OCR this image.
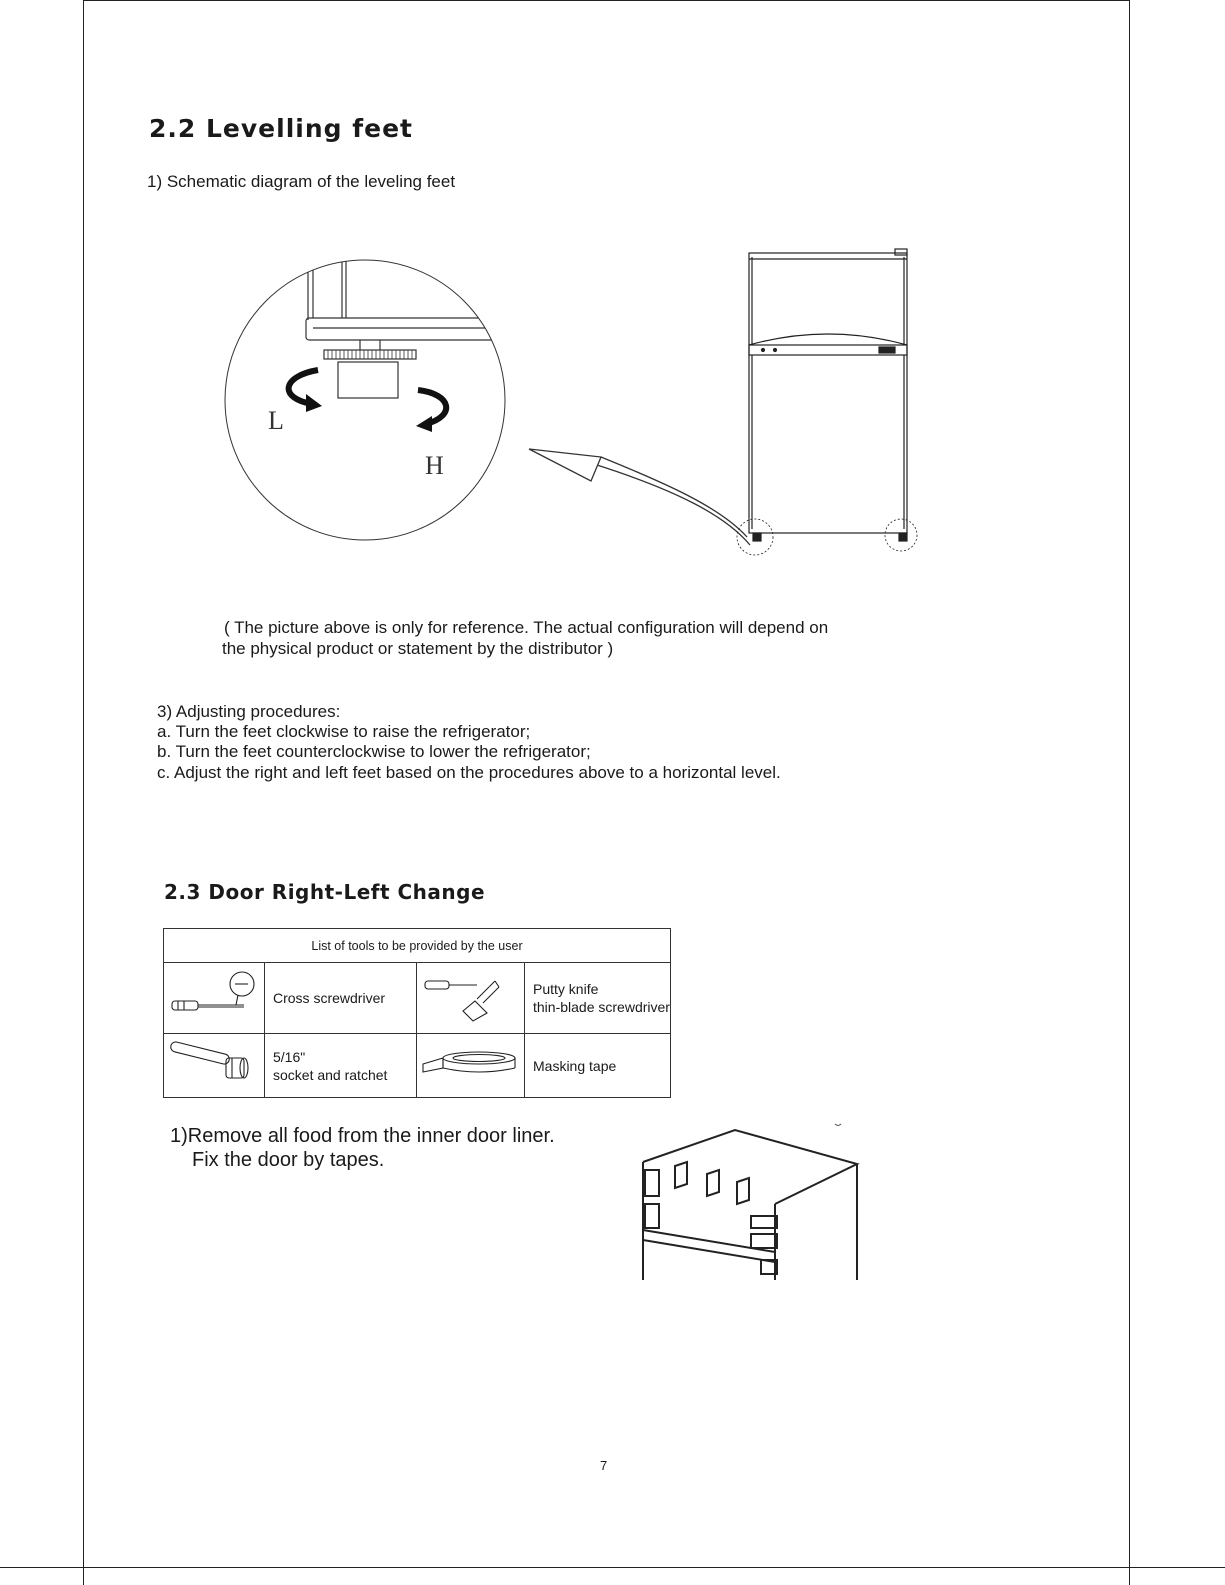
2.2 Levelling feet
1) Schematic diagram of the leveling feet
L
H
( The picture above is only for reference. The actual configuration will depend on
the physical product or statement by the distributor )
3) Adjusting procedures:
a. Turn the feet clockwise to raise the refrigerator;
b. Turn the feet counterclockwise to lower the refrigerator;
c. Adjust the right and left feet based on the procedures above to a horizontal level.
2.3 Door Right-Left Change
List of tools to be provided by the user			

Cross screwdriver		Putty knife
thin-blade screwdriver

5/16"
socket and ratchet		Masking tape
1)Remove all food from the inner door liner.
Fix the door by tapes.
7
